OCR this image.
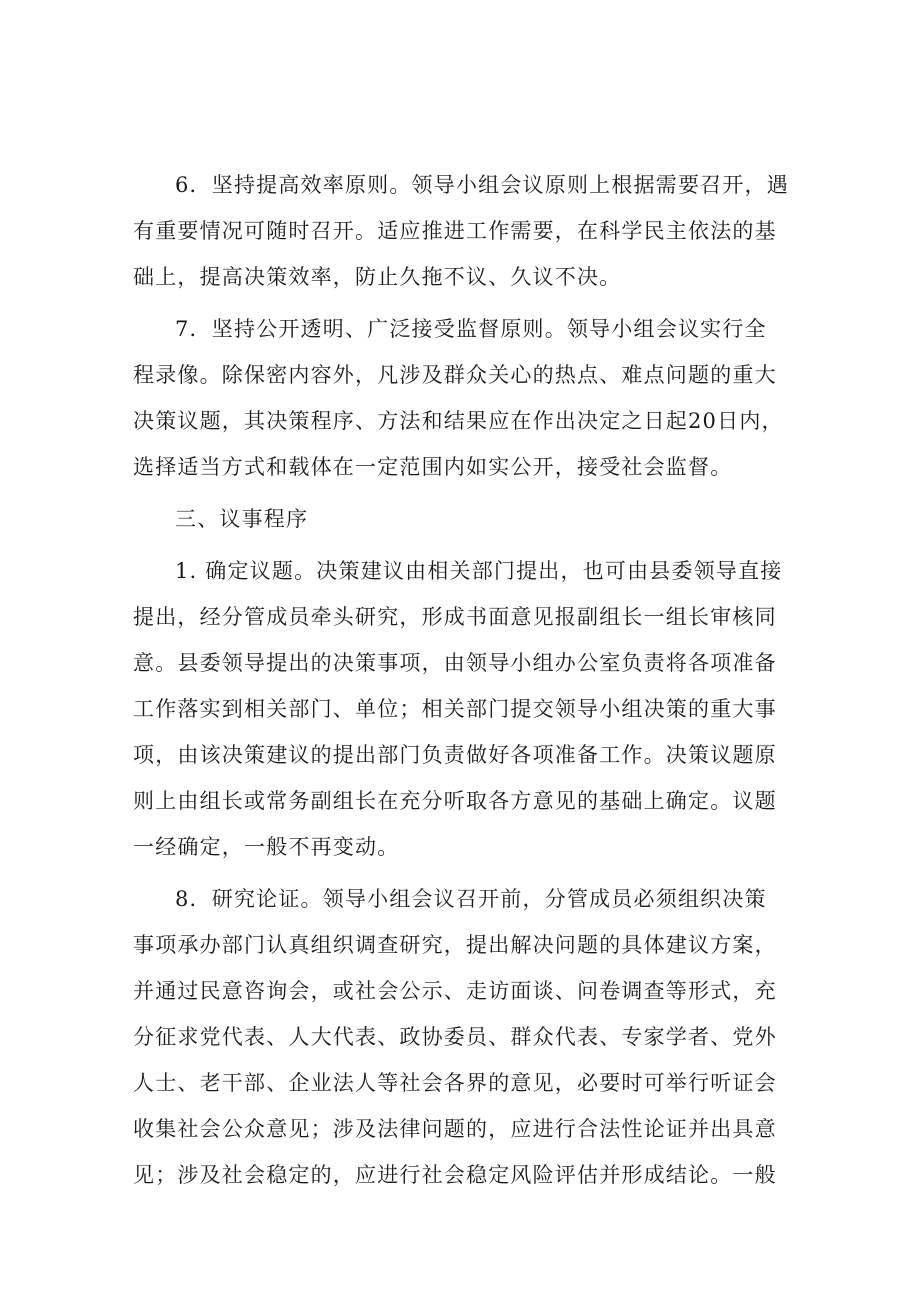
6．坚持提高效率原则。领导小组会议原则上根据需要召开，遇
有重要情况可随时召开。适应推进工作需要，在科学民主依法的基
础上，提高决策效率，防止久拖不议、久议不决。

7．坚持公开透明、广泛接受监督原则。领导小组会议实行全
程录像。除保密内容外，凡涉及群众关心的热点、难点问题的重大
决策议题，其决策程序、方法和结果应在作出决定之日起20日内，
选择适当方式和载体在一定范围内如实公开，接受社会监督。

三、议事程序

1. 确定议题。决策建议由相关部门提出，也可由县委领导直接
提出，经分管成员牵头研究，形成书面意见报副组长一组长审核同
意。县委领导提出的决策事项，由领导小组办公室负责将各项准备
工作落实到相关部门、单位；相关部门提交领导小组决策的重大事
项，由该决策建议的提出部门负责做好各项准备工作。决策议题原
则上由组长或常务副组长在充分听取各方意见的基础上确定。议题
一经确定，一般不再变动。

8．研究论证。领导小组会议召开前，分管成员必须组织决策
事项承办部门认真组织调查研究，提出解决问题的具体建议方案，
并通过民意咨询会，或社会公示、走访面谈、问卷调查等形式，充
分征求党代表、人大代表、政协委员、群众代表、专家学者、党外
人士、老干部、企业法人等社会各界的意见，必要时可举行听证会
收集社会公众意见；涉及法律问题的，应进行合法性论证并出具意
见；涉及社会稳定的，应进行社会稳定风险评估并形成结论。一般
